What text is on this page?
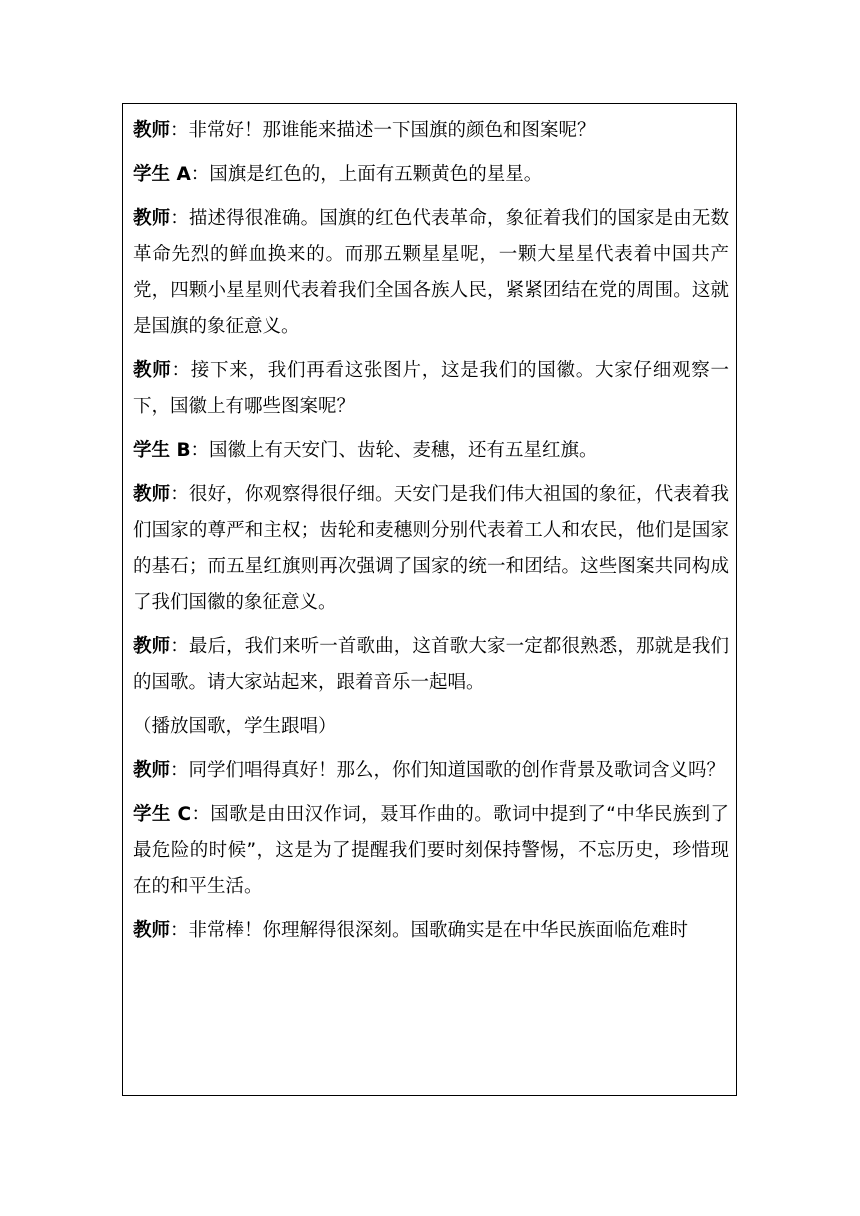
教师：非常好！那谁能来描述一下国旗的颜色和图案呢？

学生 A：国旗是红色的，上面有五颗黄色的星星。

教师：描述得很准确。国旗的红色代表革命，象征着我们的国家是由无数革命先烈的鲜血换来的。而那五颗星星呢，一颗大星星代表着中国共产党，四颗小星星则代表着我们全国各族人民，紧紧团结在党的周围。这就是国旗的象征意义。

教师：接下来，我们再看这张图片，这是我们的国徽。大家仔细观察一下，国徽上有哪些图案呢？

学生 B：国徽上有天安门、齿轮、麦穗，还有五星红旗。

教师：很好，你观察得很仔细。天安门是我们伟大祖国的象征，代表着我们国家的尊严和主权；齿轮和麦穗则分别代表着工人和农民，他们是国家的基石；而五星红旗则再次强调了国家的统一和团结。这些图案共同构成了我们国徽的象征意义。

教师：最后，我们来听一首歌曲，这首歌大家一定都很熟悉，那就是我们的国歌。请大家站起来，跟着音乐一起唱。

（播放国歌，学生跟唱）

教师：同学们唱得真好！那么，你们知道国歌的创作背景及歌词含义吗？

学生 C：国歌是由田汉作词，聂耳作曲的。歌词中提到了“中华民族到了最危险的时候”，这是为了提醒我们要时刻保持警惕，不忘历史，珍惜现在的和平生活。

教师：非常棒！你理解得很深刻。国歌确实是在中华民族面临危难时
